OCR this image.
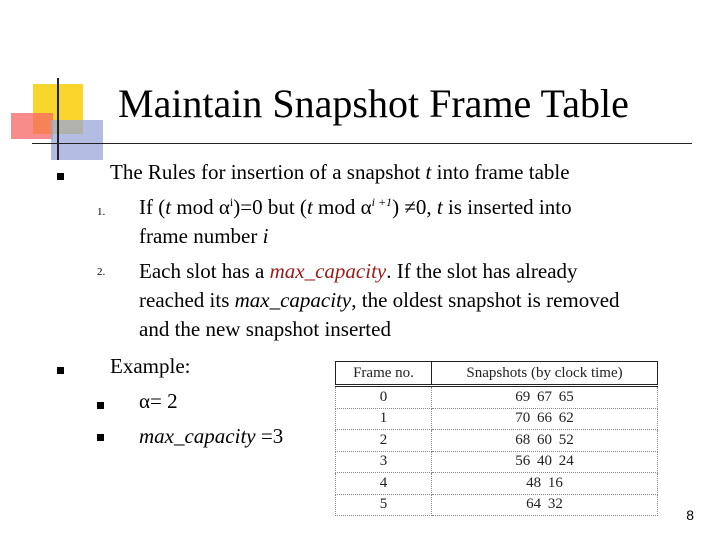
Maintain Snapshot Frame Table
The Rules for insertion of a snapshot t into frame table
1. If (t mod $\alpha^i)=0$ but (t mod $\alpha^{i +1}) \ne 0$, t is inserted into
frame number i
2. Each slot has a max_capacity. If the slot has already
reached its max_capacity, the oldest snapshot is removed
and the new snapshot inserted
Example:
α= 2
max_capacity =3
Frame no.	Snapshots (by clock time)
0	69 67 65
1	70 66 62
2	68 60 52
3	56 40 24
4	48 16
5	64 32
8
